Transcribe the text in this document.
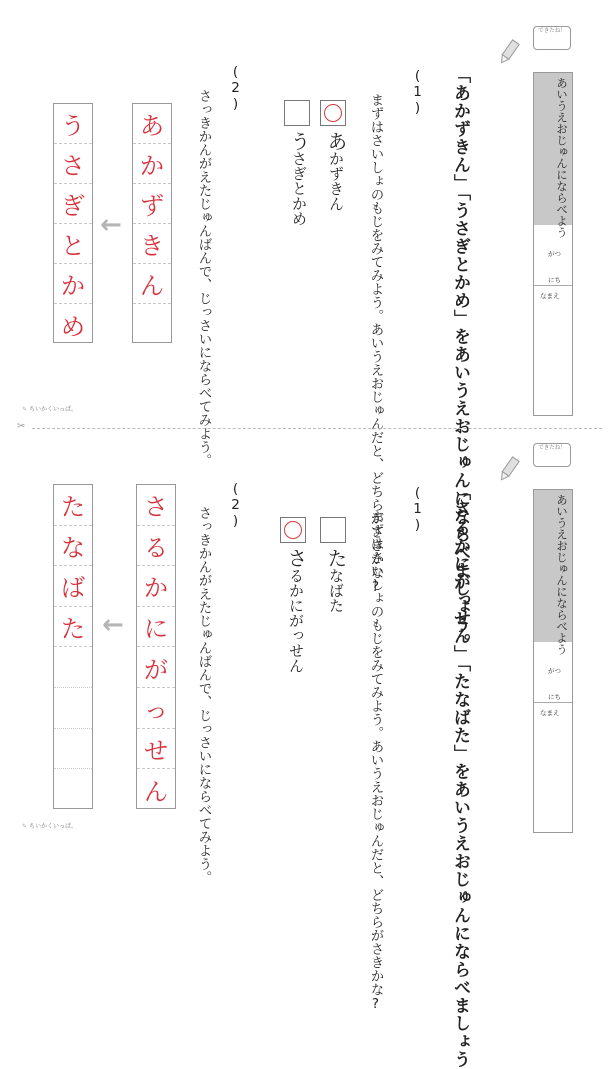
できたね！
あいうえおじゅんにならべよう
がつ
にち
なまえ
「あかずきん」「うさぎとかめ」をあいうえおじゅんにならべましょう。
(1)
まずはさいしょのもじをみてみよう。あいうえおじゅんだと、どちらがさきかな?
あかずきん
うさぎとかめ
(2)
さっきかんがえたじゅんばんで、じっさいにならべてみよう。
あ
か
ず
き
ん
←
う
さ
ぎ
と
か
め
✎ ちいかくいっぱ。
✂
できたね！
あいうえおじゅんにならべよう
がつ
にち
なまえ
「さるかにがっせん」「たなばた」をあいうえおじゅんにならべましょう
(1)
まずはさいしょのもじをみてみよう。あいうえおじゅんだと、どちらがさきかな?
たなばた
さるかにがっせん
(2)
さっきかんがえたじゅんばんで、じっさいにならべてみよう。
さ
る
か
に
が
っ
せ
ん
←
た
な
ば
た
✎ ちいかくいっぱ。
